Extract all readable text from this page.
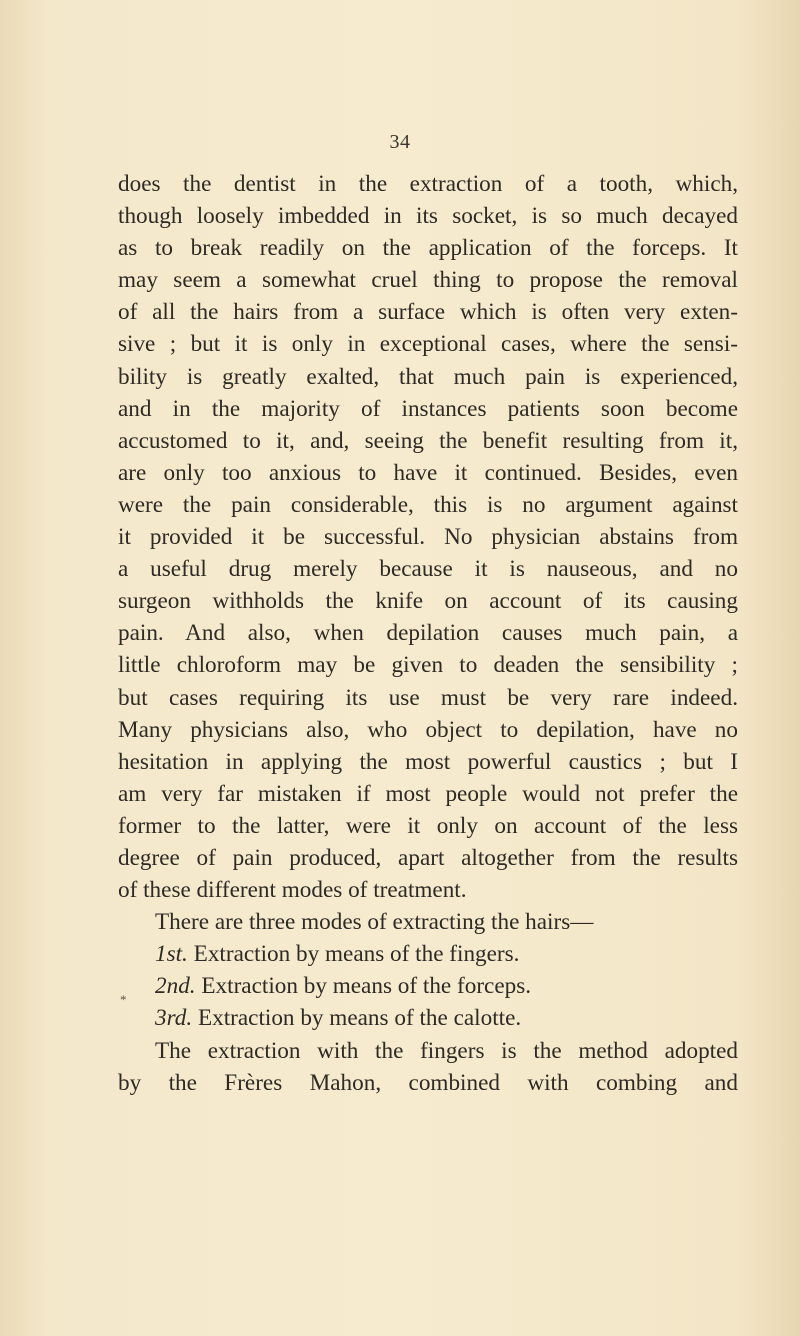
34
does the dentist in the extraction of a tooth, which,
though loosely imbedded in its socket, is so much decayed
as to break readily on the application of the forceps. It
may seem a somewhat cruel thing to propose the removal
of all the hairs from a surface which is often very exten-
sive ; but it is only in exceptional cases, where the sensi-
bility is greatly exalted, that much pain is experienced,
and in the majority of instances patients soon become
accustomed to it, and, seeing the benefit resulting from it,
are only too anxious to have it continued. Besides, even
were the pain considerable, this is no argument against
it provided it be successful. No physician abstains from
a useful drug merely because it is nauseous, and no
surgeon withholds the knife on account of its causing
pain. And also, when depilation causes much pain, a
little chloroform may be given to deaden the sensibility ;
but cases requiring its use must be very rare indeed.
Many physicians also, who object to depilation, have no
hesitation in applying the most powerful caustics ; but I
am very far mistaken if most people would not prefer the
former to the latter, were it only on account of the less
degree of pain produced, apart altogether from the results
of these different modes of treatment.
There are three modes of extracting the hairs—
1st. Extraction by means of the fingers.
2nd. Extraction by means of the forceps.
3rd. Extraction by means of the calotte.
The extraction with the fingers is the method adopted
by the Frères Mahon, combined with combing and
*
